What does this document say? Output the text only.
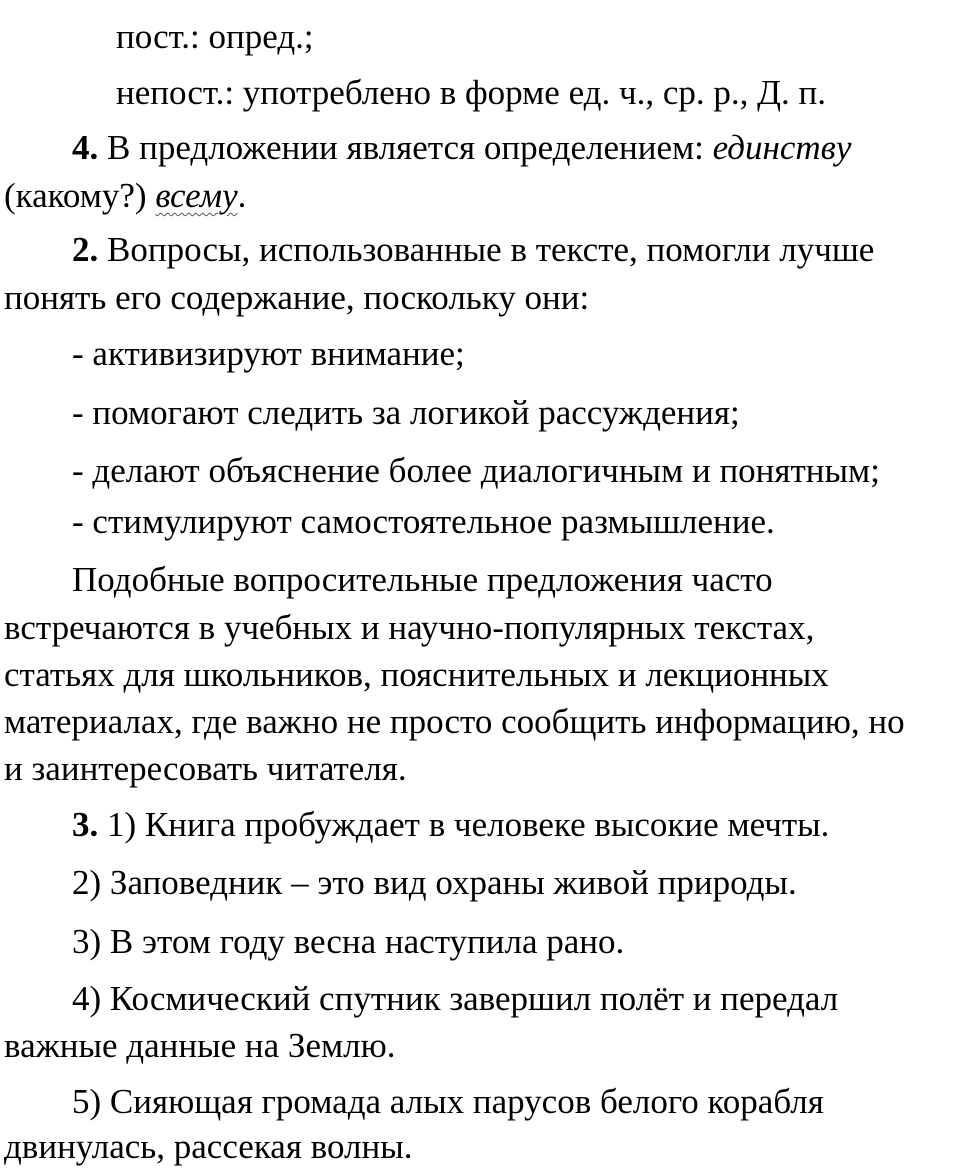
пост.: опред.;
непост.: употреблено в форме ед. ч., ср. р., Д. п.
4. В предложении является определением: единству
(какому?) всему.
2. Вопросы, использованные в тексте, помогли лучше
понять его содержание, поскольку они:
- активизируют внимание;
- помогают следить за логикой рассуждения;
- делают объяснение более диалогичным и понятным;
- стимулируют самостоятельное размышление.
Подобные вопросительные предложения часто
встречаются в учебных и научно-популярных текстах,
статьях для школьников, пояснительных и лекционных
материалах, где важно не просто сообщить информацию, но
и заинтересовать читателя.
3. 1) Книга пробуждает в человеке высокие мечты.
2) Заповедник – это вид охраны живой природы.
3) В этом году весна наступила рано.
4) Космический спутник завершил полёт и передал
важные данные на Землю.
5) Сияющая громада алых парусов белого корабля
двинулась, рассекая волны.
